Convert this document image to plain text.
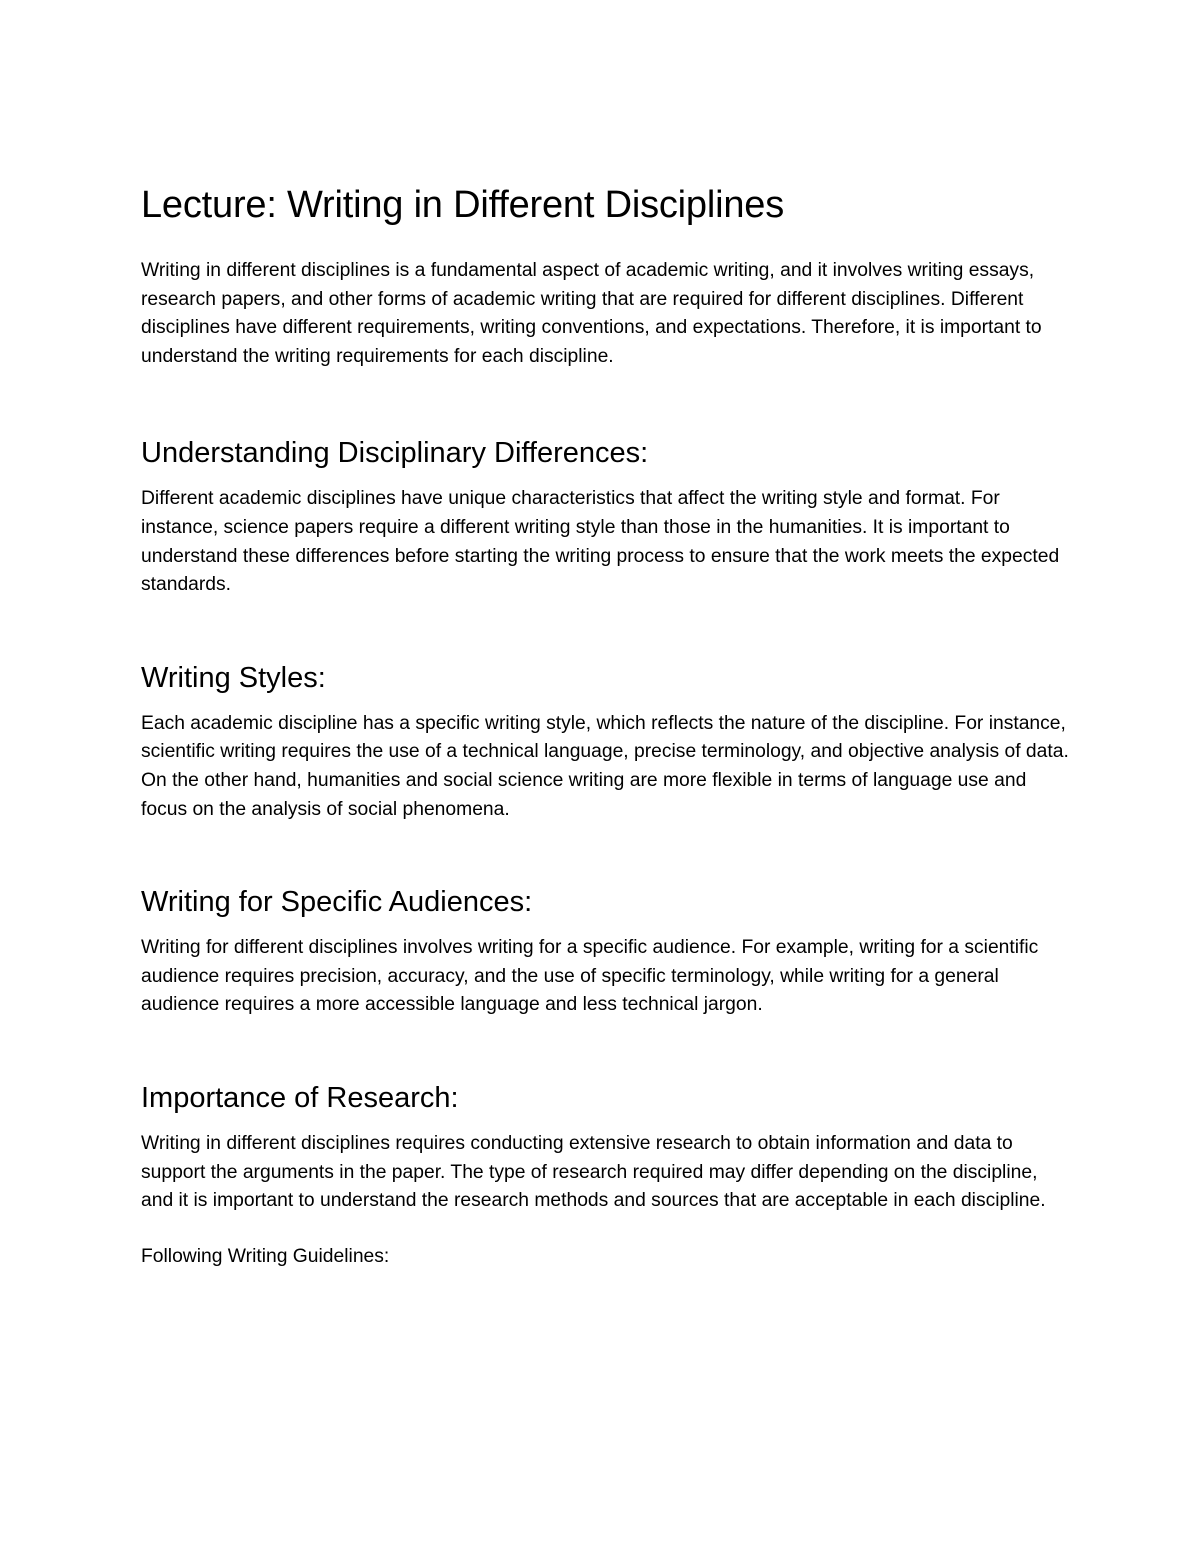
Lecture: Writing in Different Disciplines

Writing in different disciplines is a fundamental aspect of academic writing, and it involves writing essays, research papers, and other forms of academic writing that are required for different disciplines. Different disciplines have different requirements, writing conventions, and expectations. Therefore, it is important to understand the writing requirements for each discipline.

Understanding Disciplinary Differences:

Different academic disciplines have unique characteristics that affect the writing style and format. For instance, science papers require a different writing style than those in the humanities. It is important to understand these differences before starting the writing process to ensure that the work meets the expected standards.

Writing Styles:

Each academic discipline has a specific writing style, which reflects the nature of the discipline. For instance, scientific writing requires the use of a technical language, precise terminology, and objective analysis of data. On the other hand, humanities and social science writing are more flexible in terms of language use and focus on the analysis of social phenomena.

Writing for Specific Audiences:

Writing for different disciplines involves writing for a specific audience. For example, writing for a scientific audience requires precision, accuracy, and the use of specific terminology, while writing for a general audience requires a more accessible language and less technical jargon.

Importance of Research:

Writing in different disciplines requires conducting extensive research to obtain information and data to support the arguments in the paper. The type of research required may differ depending on the discipline, and it is important to understand the research methods and sources that are acceptable in each discipline.

Following Writing Guidelines:
